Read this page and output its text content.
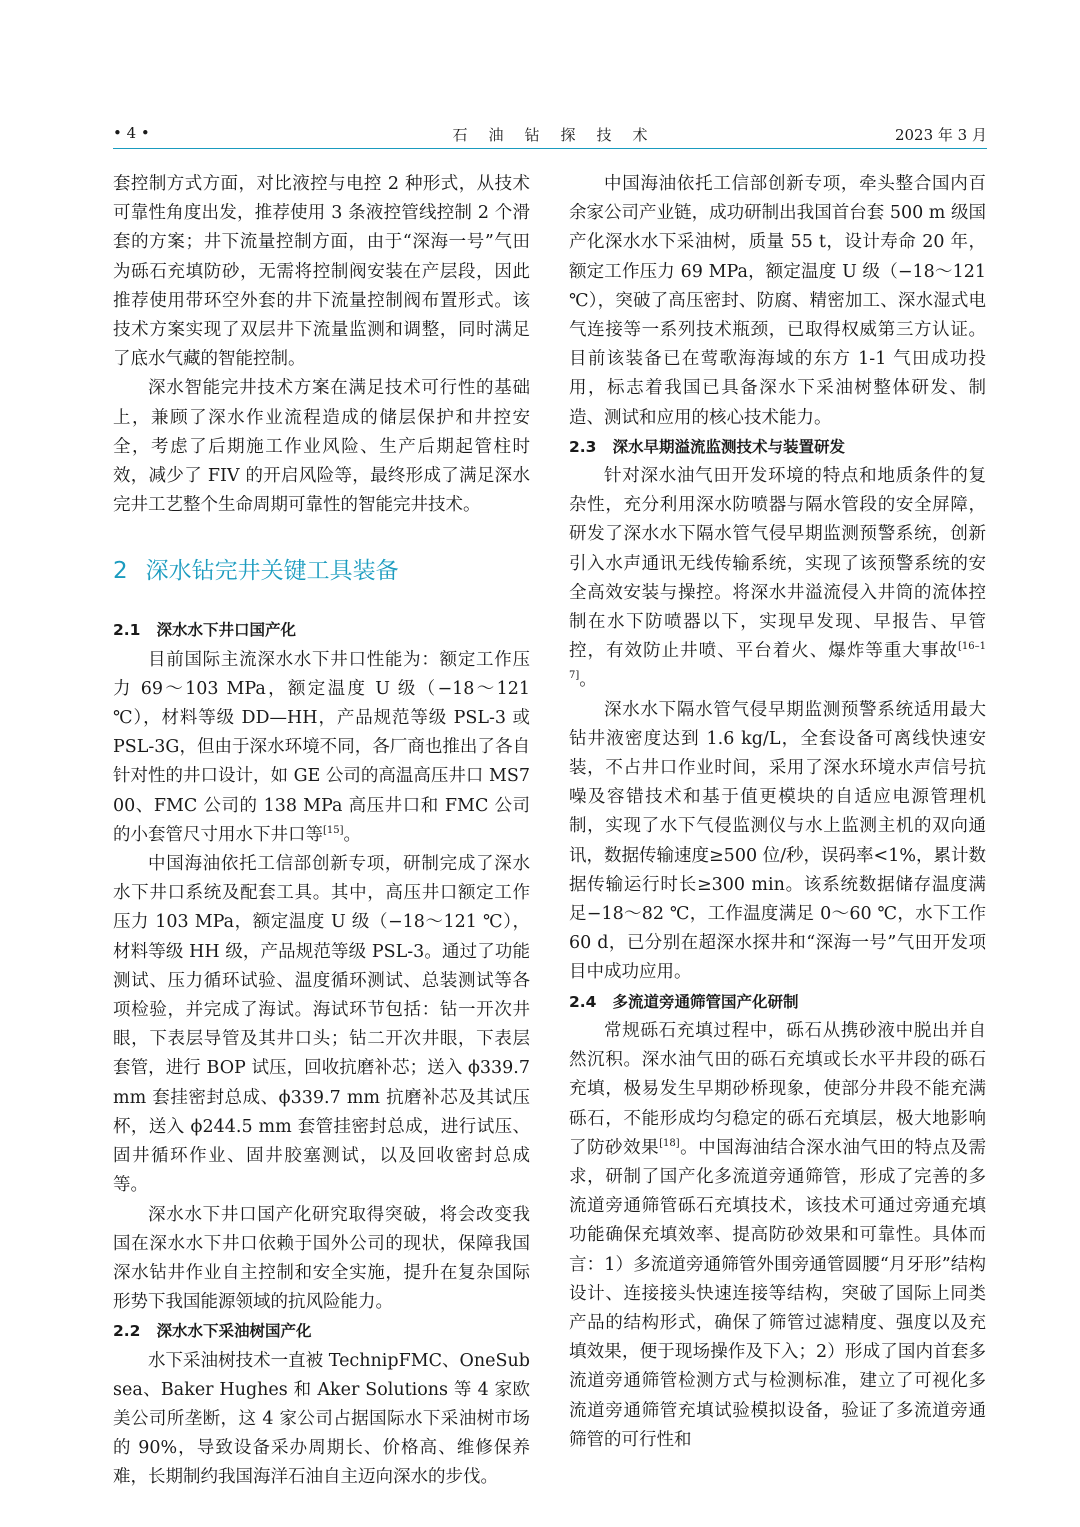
• 4 •	石油钻探技术	2023 年 3 月

套控制方式方面，对比液控与电控 2 种形式，从技术可靠性角度出发，推荐使用 3 条液控管线控制 2 个滑套的方案；井下流量控制方面，由于“深海一号”气田为砾石充填防砂，无需将控制阀安装在产层段，因此推荐使用带环空外套的井下流量控制阀布置形式。该技术方案实现了双层井下流量监测和调整，同时满足了底水气藏的智能控制。

深水智能完井技术方案在满足技术可行性的基础上，兼顾了深水作业流程造成的储层保护和井控安全，考虑了后期施工作业风险、生产后期起管柱时效，减少了 FIV 的开启风险等，最终形成了满足深水完井工艺整个生命周期可靠性的智能完井技术。

2 深水钻完井关键工具装备
2.1 深水水下井口国产化

目前国际主流深水水下井口性能为：额定工作压力 69～103 MPa，额定温度 U 级（−18～121 ℃），材料等级 DD—HH，产品规范等级 PSL-3 或 PSL-3G，但由于深水环境不同，各厂商也推出了各自针对性的井口设计，如 GE 公司的高温高压井口 MS700、FMC 公司的 138 MPa 高压井口和 FMC 公司的小套管尺寸用水下井口等[15]。

中国海油依托工信部创新专项，研制完成了深水水下井口系统及配套工具。其中，高压井口额定工作压力 103 MPa，额定温度 U 级（−18～121 ℃），材料等级 HH 级，产品规范等级 PSL-3。通过了功能测试、压力循环试验、温度循环测试、总装测试等各项检验，并完成了海试。海试环节包括：钻一开次井眼，下表层导管及其井口头；钻二开次井眼，下表层套管，进行 BOP 试压，回收抗磨补芯；送入 ϕ339.7 mm 套挂密封总成、ϕ339.7 mm 抗磨补芯及其试压杯，送入 ϕ244.5 mm 套管挂密封总成，进行试压、固井循环作业、固井胶塞测试，以及回收密封总成等。

深水水下井口国产化研究取得突破，将会改变我国在深水水下井口依赖于国外公司的现状，保障我国深水钻井作业自主控制和安全实施，提升在复杂国际形势下我国能源领域的抗风险能力。

2.2 深水水下采油树国产化

水下采油树技术一直被 TechnipFMC、OneSubsea、Baker Hughes 和 Aker Solutions 等 4 家欧美公司所垄断，这 4 家公司占据国际水下采油树市场的 90%，导致设备采办周期长、价格高、维修保养难，长期制约我国海洋石油自主迈向深水的步伐。

中国海油依托工信部创新专项，牵头整合国内百余家公司产业链，成功研制出我国首台套 500 m 级国产化深水水下采油树，质量 55 t，设计寿命 20 年，额定工作压力 69 MPa，额定温度 U 级（−18～121 ℃），突破了高压密封、防腐、精密加工、深水湿式电气连接等一系列技术瓶颈，已取得权威第三方认证。目前该装备已在莺歌海海域的东方 1-1 气田成功投用，标志着我国已具备深水下采油树整体研发、制造、测试和应用的核心技术能力。

2.3 深水早期溢流监测技术与装置研发

针对深水油气田开发环境的特点和地质条件的复杂性，充分利用深水防喷器与隔水管段的安全屏障，研发了深水水下隔水管气侵早期监测预警系统，创新引入水声通讯无线传输系统，实现了该预警系统的安全高效安装与操控。将深水井溢流侵入井筒的流体控制在水下防喷器以下，实现早发现、早报告、早管控，有效防止井喷、平台着火、爆炸等重大事故[16–17]。

深水水下隔水管气侵早期监测预警系统适用最大钻井液密度达到 1.6 kg/L，全套设备可离线快速安装，不占井口作业时间，采用了深水环境水声信号抗噪及容错技术和基于值更模块的自适应电源管理机制，实现了水下气侵监测仪与水上监测主机的双向通讯，数据传输速度≥500 位/秒，误码率<1%，累计数据传输运行时长≥300 min。该系统数据储存温度满足−18～82 ℃，工作温度满足 0～60 ℃，水下工作 60 d，已分别在超深水探井和“深海一号”气田开发项目中成功应用。

2.4 多流道旁通筛管国产化研制

常规砾石充填过程中，砾石从携砂液中脱出并自然沉积。深水油气田的砾石充填或长水平井段的砾石充填，极易发生早期砂桥现象，使部分井段不能充满砾石，不能形成均匀稳定的砾石充填层，极大地影响了防砂效果[18]。中国海油结合深水油气田的特点及需求，研制了国产化多流道旁通筛管，形成了完善的多流道旁通筛管砾石充填技术，该技术可通过旁通充填功能确保充填效率、提高防砂效果和可靠性。具体而言：1）多流道旁通筛管外围旁通管圆腰“月牙形”结构设计、连接接头快速连接等结构，突破了国际上同类产品的结构形式，确保了筛管过滤精度、强度以及充填效果，便于现场操作及下入；2）形成了国内首套多流道旁通筛管检测方式与检测标准，建立了可视化多流道旁通筛管充填试验模拟设备，验证了多流道旁通筛管的可行性和
